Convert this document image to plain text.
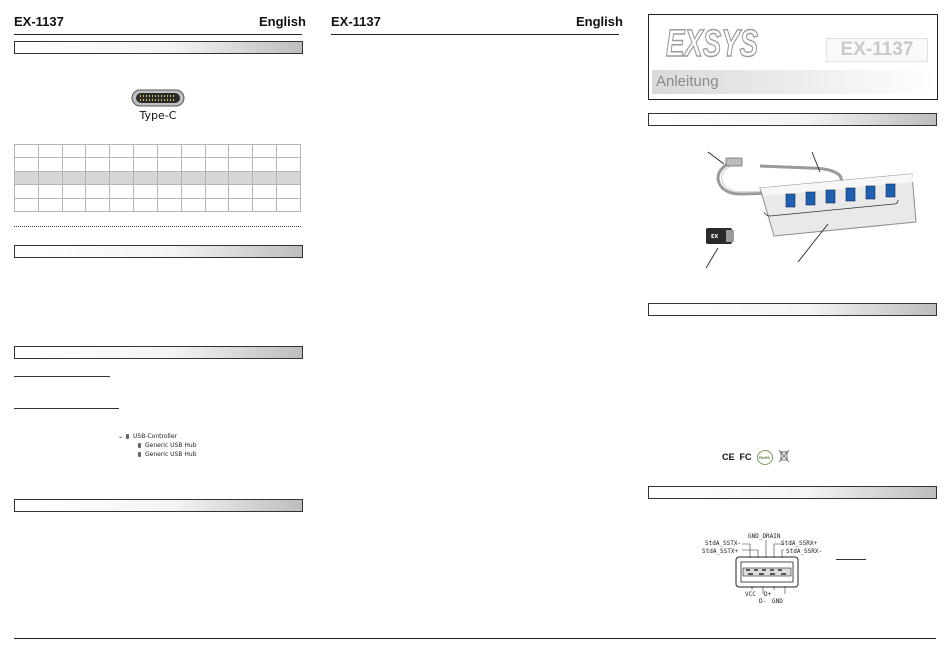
EX-1137	English
Type-C

⌄	USB-Controller
Generic USB Hub
Generic USB Hub
EX-1137	English
EXSYS	EX-1137
Anleitung
EX
CE FC	RoHS
GND_DRAIN
StdA_SSTX-
StdA_SSTX+
StdA_SSRX+
StdA_SSRX-
VCC D+
D- GND
